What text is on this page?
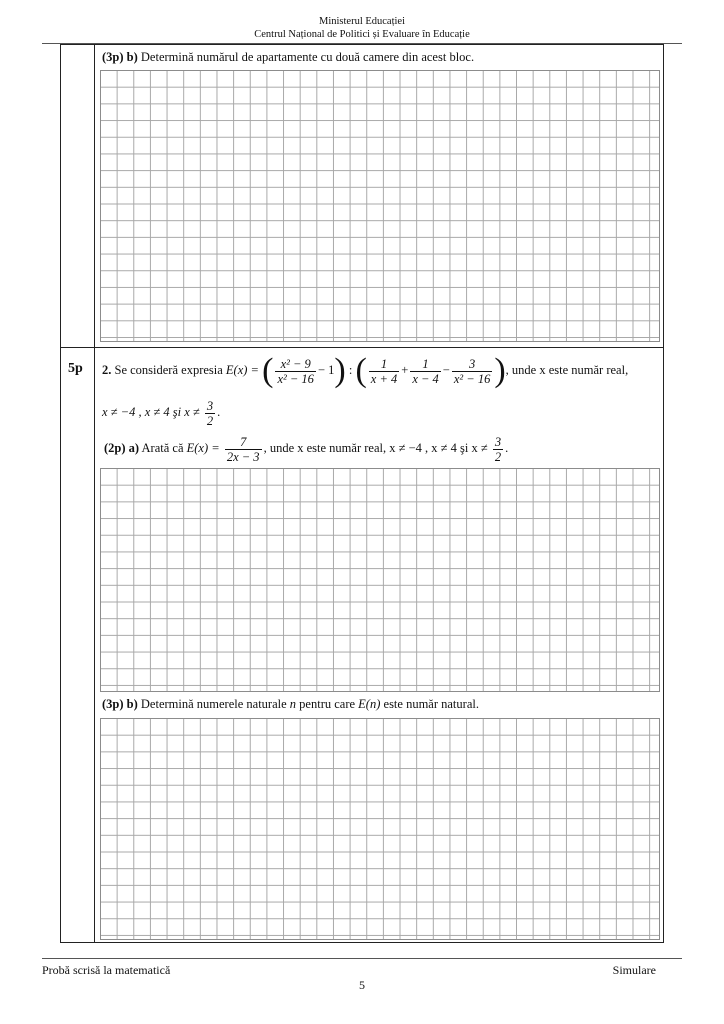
Ministerul Educației
Centrul Național de Politici și Evaluare în Educație
(3p) b) Determină numărul de apartamente cu două camere din acest bloc.
5p 2. Se consideră expresia E(x) = ( $\frac{\text{x² − 9}}{\text{x² − 16}} - 1$) : ( $\frac{1}{x + 4} + \frac{1}{x - 4} - \frac{3}{\text{x² − 16}}$ ), unde x este număr real,
x ≠ −4 , x ≠ 4 şi $x \ne \frac{3}{2}$ .
(2p) a) Arată că $E(x) = \frac{7}{2x - 3}$ , unde x este număr real, x ≠ −4 , x ≠ 4 şi $x \ne \frac{3}{2}$ .
(3p) b) Determină numerele naturale n pentru care E(n) este număr natural.
Probă scrisă la matematică	Simulare
5
